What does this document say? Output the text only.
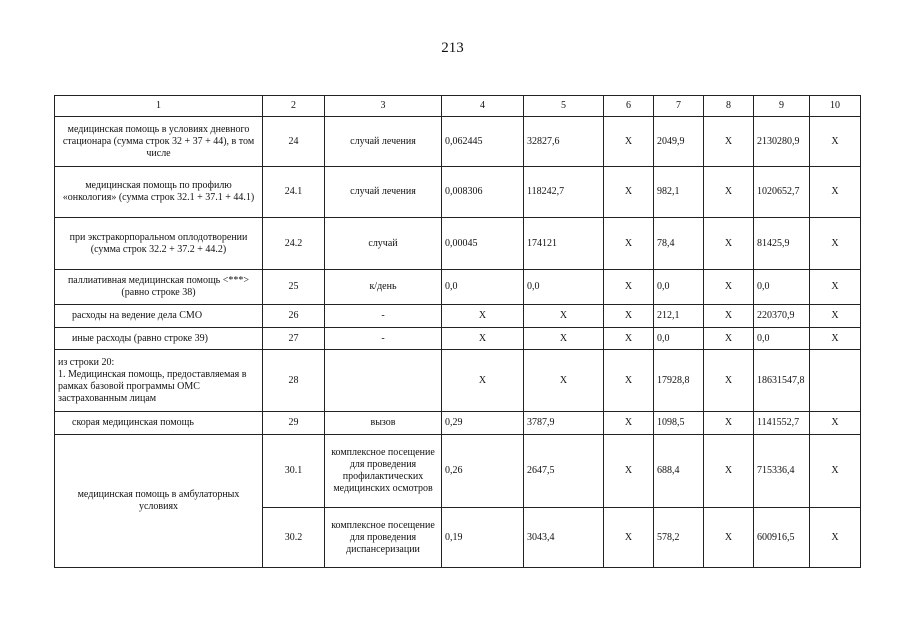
213
1	2	3	4	5	6	7	8	9	10
медицинская помощь в условиях дневного стационара (сумма строк 32 + 37 + 44), в том числе	24	случай лечения	0,062445	32827,6	X	2049,9	X	2130280,9	X
медицинская помощь по профилю «онкология» (сумма строк 32.1 + 37.1 + 44.1)	24.1	случай лечения	0,008306	118242,7	X	982,1	X	1020652,7	X
при экстракорпоральном оплодотворении (сумма строк 32.2 + 37.2 + 44.2)	24.2	случай	0,00045	174121	X	78,4	X	81425,9	X
паллиативная медицинская помощь <***> (равно строке 38)	25	к/день	0,0	0,0	X	0,0	X	0,0	X
расходы на ведение дела СМО	26	-	X	X	X	212,1	X	220370,9	X
иные расходы (равно строке 39)	27	-	X	X	X	0,0	X	0,0	X
из строки 20:
1. Медицинская помощь, предоставляемая в рамках базовой программы ОМС застрахованным лицам	28		X	X	X	17928,8	X	18631547,8	
скорая медицинская помощь	29	вызов	0,29	3787,9	X	1098,5	X	1141552,7	X
медицинская помощь в амбулаторных условиях	30.1	комплексное посещение для проведения профилактических медицинских осмотров	0,26	2647,5	X	688,4	X	715336,4	X
	30.2	комплексное посещение для проведения диспансеризации	0,19	3043,4	X	578,2	X	600916,5	X
